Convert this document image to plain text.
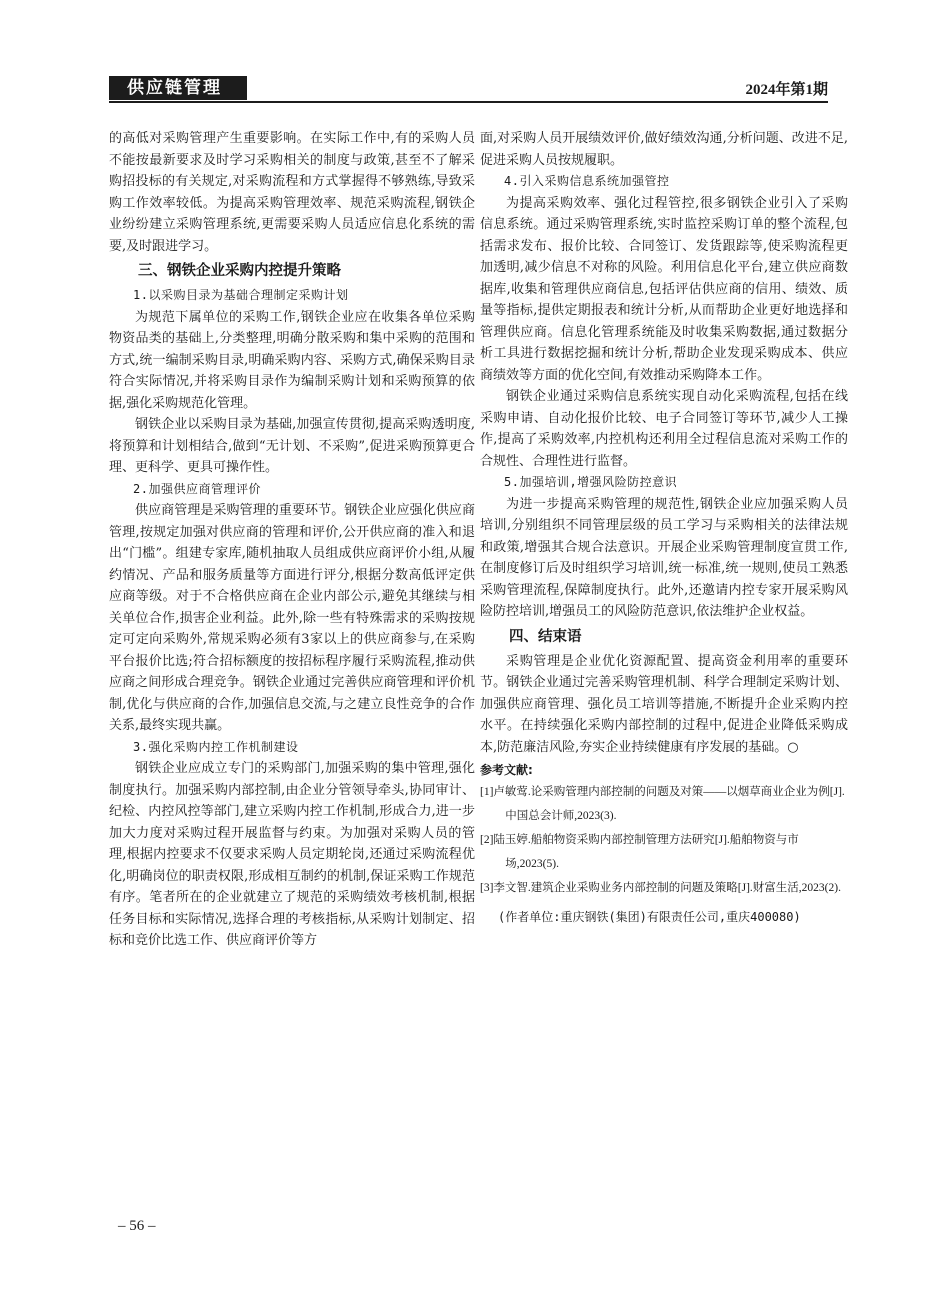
供应链管理	2024年第1期

的高低对采购管理产生重要影响。在实际工作中,有的采购人员不能按最新要求及时学习采购相关的制度与政策,甚至不了解采购招投标的有关规定,对采购流程和方式掌握得不够熟练,导致采购工作效率较低。为提高采购管理效率、规范采购流程,钢铁企业纷纷建立采购管理系统,更需要采购人员适应信息化系统的需要,及时跟进学习。

三、钢铁企业采购内控提升策略
1.以采购目录为基础合理制定采购计划

为规范下属单位的采购工作,钢铁企业应在收集各单位采购物资品类的基础上,分类整理,明确分散采购和集中采购的范围和方式,统一编制采购目录,明确采购内容、采购方式,确保采购目录符合实际情况,并将采购目录作为编制采购计划和采购预算的依据,强化采购规范化管理。

钢铁企业以采购目录为基础,加强宣传贯彻,提高采购透明度,将预算和计划相结合,做到“无计划、不采购”,促进采购预算更合理、更科学、更具可操作性。

2.加强供应商管理评价

供应商管理是采购管理的重要环节。钢铁企业应强化供应商管理,按规定加强对供应商的管理和评价,公开供应商的准入和退出“门槛”。组建专家库,随机抽取人员组成供应商评价小组,从履约情况、产品和服务质量等方面进行评分,根据分数高低评定供应商等级。对于不合格供应商在企业内部公示,避免其继续与相关单位合作,损害企业利益。此外,除一些有特殊需求的采购按规定可定向采购外,常规采购必须有3家以上的供应商参与,在采购平台报价比选;符合招标额度的按招标程序履行采购流程,推动供应商之间形成合理竞争。钢铁企业通过完善供应商管理和评价机制,优化与供应商的合作,加强信息交流,与之建立良性竞争的合作关系,最终实现共赢。

3.强化采购内控工作机制建设

钢铁企业应成立专门的采购部门,加强采购的集中管理,强化制度执行。加强采购内部控制,由企业分管领导牵头,协同审计、纪检、内控风控等部门,建立采购内控工作机制,形成合力,进一步加大力度对采购过程开展监督与约束。为加强对采购人员的管理,根据内控要求不仅要求采购人员定期轮岗,还通过采购流程优化,明确岗位的职责权限,形成相互制约的机制,保证采购工作规范有序。笔者所在的企业就建立了规范的采购绩效考核机制,根据任务目标和实际情况,选择合理的考核指标,从采购计划制定、招标和竞价比选工作、供应商评价等方

面,对采购人员开展绩效评价,做好绩效沟通,分析问题、改进不足,促进采购人员按规履职。

4.引入采购信息系统加强管控

为提高采购效率、强化过程管控,很多钢铁企业引入了采购信息系统。通过采购管理系统,实时监控采购订单的整个流程,包括需求发布、报价比较、合同签订、发货跟踪等,使采购流程更加透明,减少信息不对称的风险。利用信息化平台,建立供应商数据库,收集和管理供应商信息,包括评估供应商的信用、绩效、质量等指标,提供定期报表和统计分析,从而帮助企业更好地选择和管理供应商。信息化管理系统能及时收集采购数据,通过数据分析工具进行数据挖掘和统计分析,帮助企业发现采购成本、供应商绩效等方面的优化空间,有效推动采购降本工作。

钢铁企业通过采购信息系统实现自动化采购流程,包括在线采购申请、自动化报价比较、电子合同签订等环节,减少人工操作,提高了采购效率,内控机构还利用全过程信息流对采购工作的合规性、合理性进行监督。

5.加强培训,增强风险防控意识

为进一步提高采购管理的规范性,钢铁企业应加强采购人员培训,分别组织不同管理层级的员工学习与采购相关的法律法规和政策,增强其合规合法意识。开展企业采购管理制度宣贯工作,在制度修订后及时组织学习培训,统一标准,统一规则,使员工熟悉采购管理流程,保障制度执行。此外,还邀请内控专家开展采购风险防控培训,增强员工的风险防范意识,依法维护企业权益。

四、结束语

采购管理是企业优化资源配置、提高资金利用率的重要环节。钢铁企业通过完善采购管理机制、科学合理制定采购计划、加强供应商管理、强化员工培训等措施,不断提升企业采购内控水平。在持续强化采购内部控制的过程中,促进企业降低采购成本,防范廉洁风险,夯实企业持续健康有序发展的基础。○

参考文献:
[1]卢敏莺.论采购管理内部控制的问题及对策——以烟草商业企业为例[J].中国总会计师,2023(3).
[2]陆玉婷.船舶物资采购内部控制管理方法研究[J].船舶物资与市场,2023(5).
[3]李文智.建筑企业采购业务内部控制的问题及策略[J].财富生活,2023(2).
(作者单位:重庆钢铁(集团)有限责任公司,重庆400080)
– 56 –
